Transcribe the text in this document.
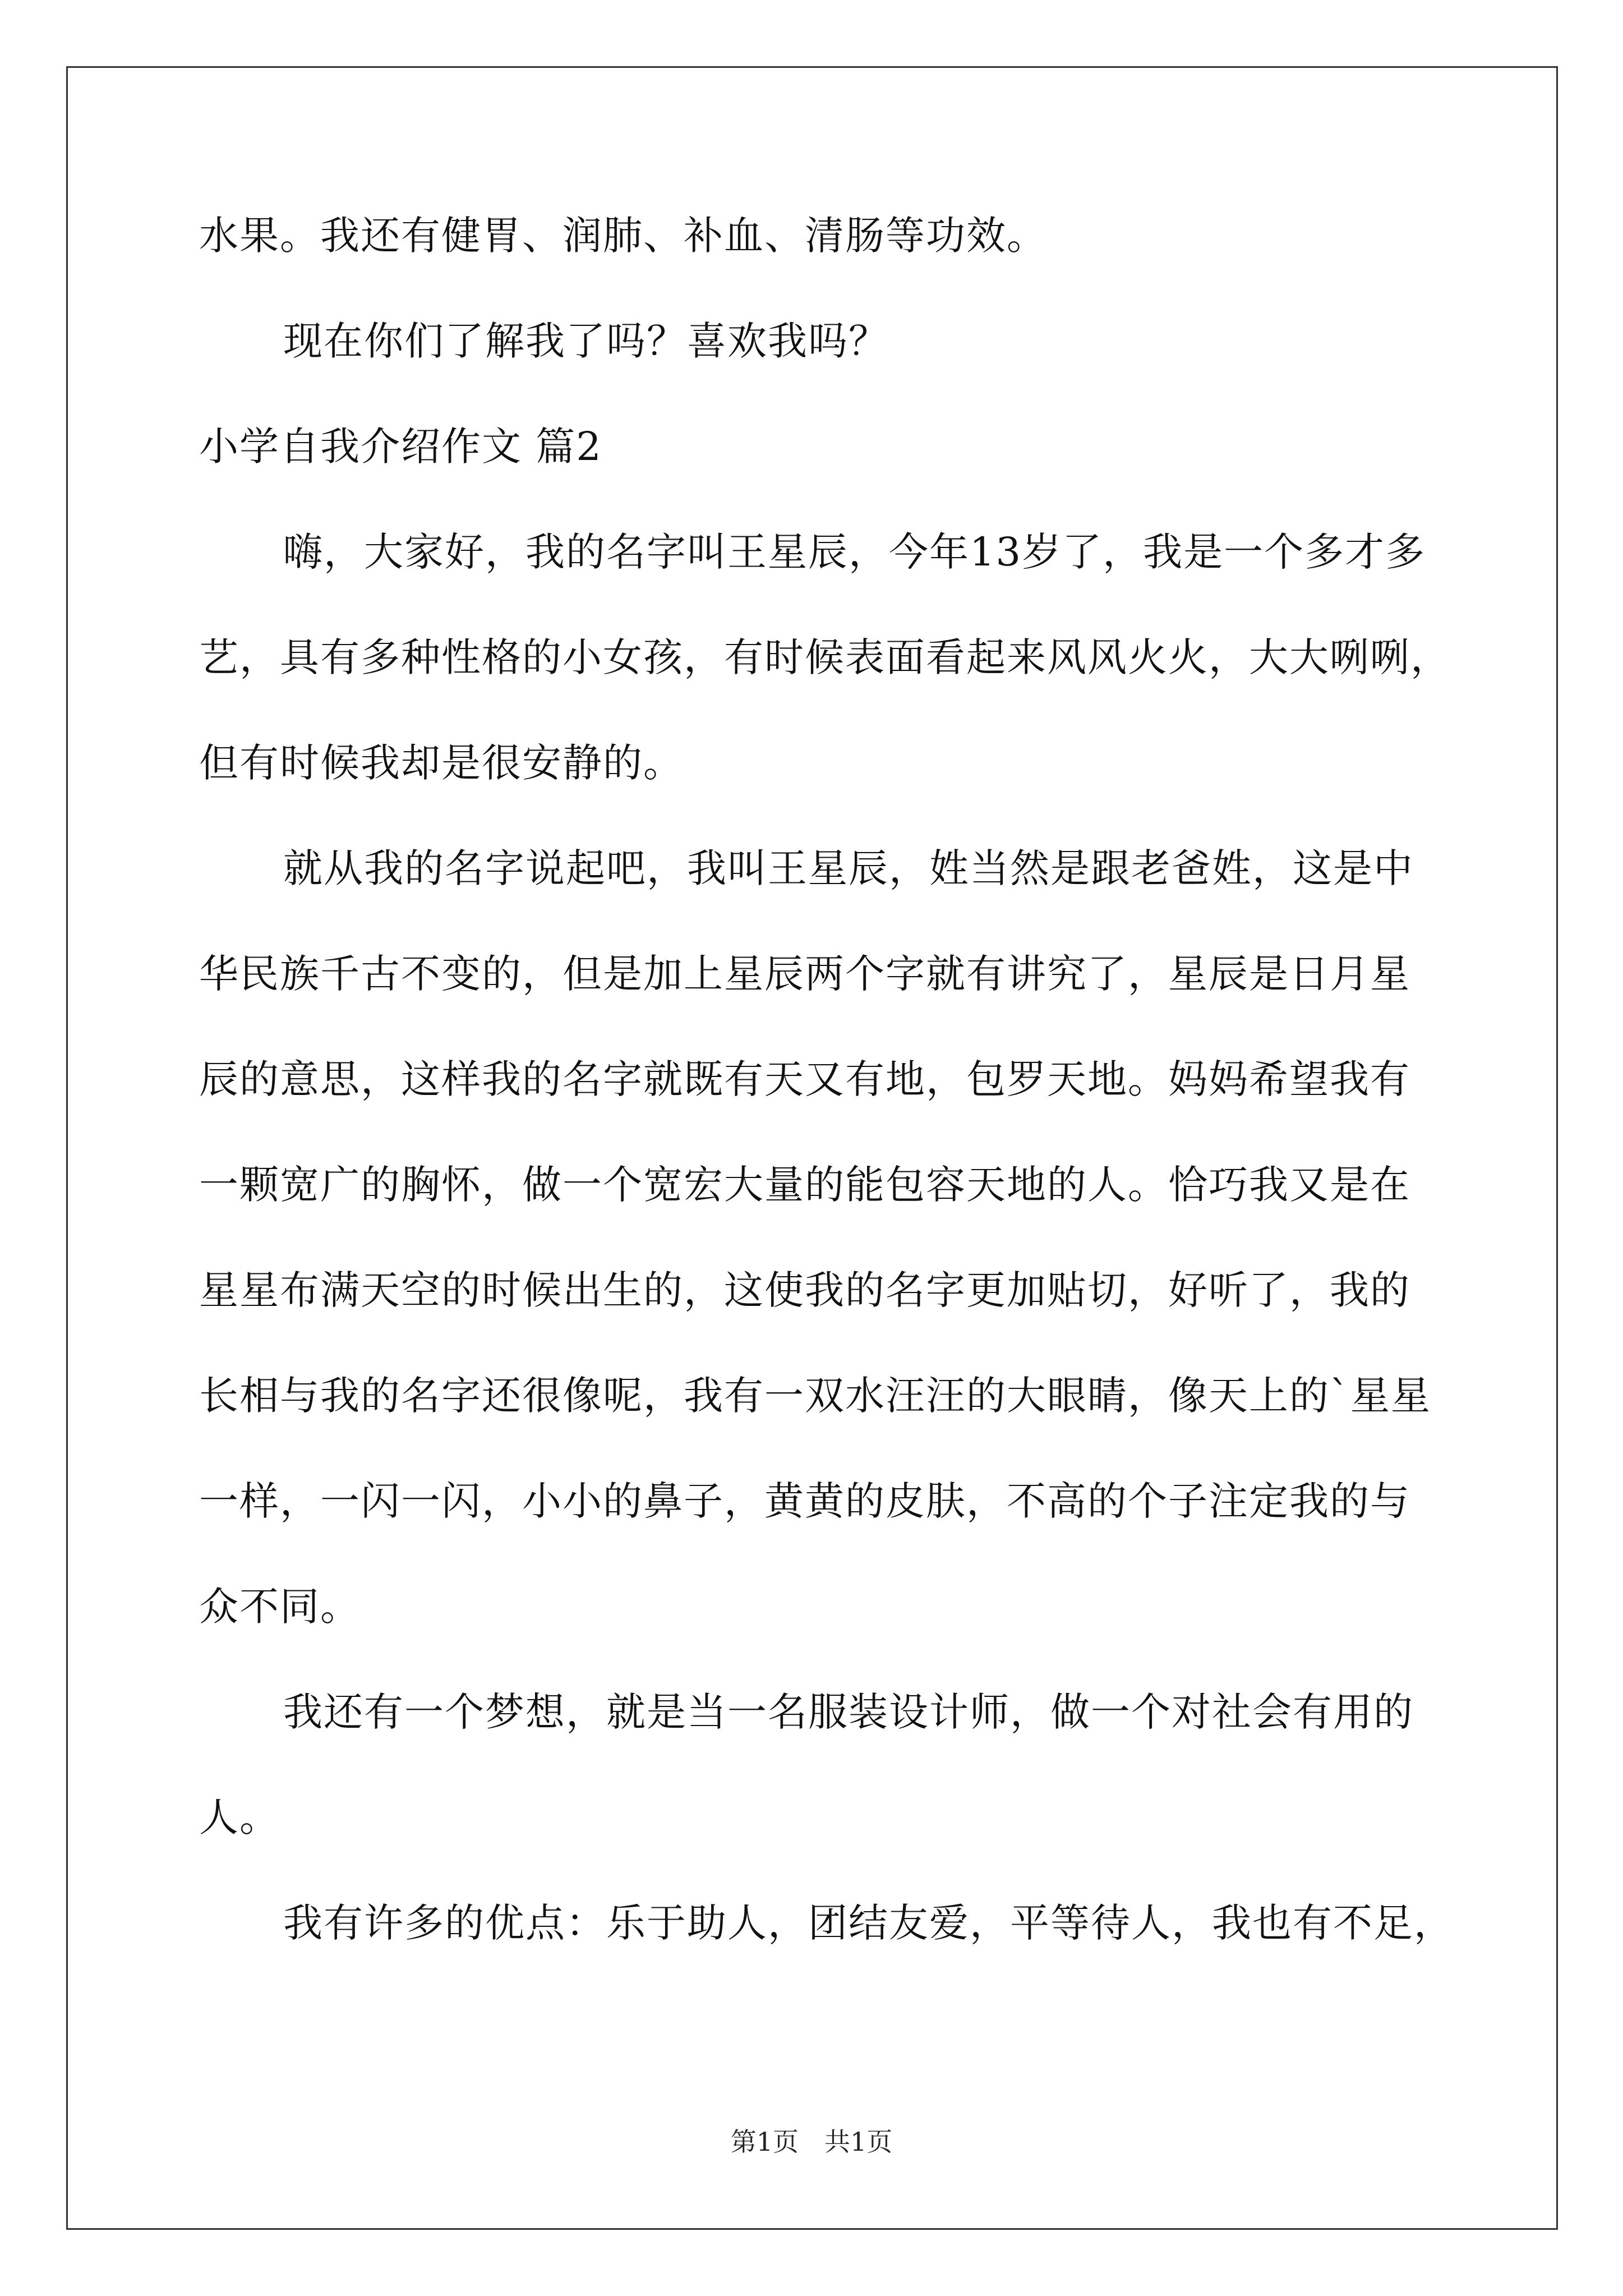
水果。我还有健胃、润肺、补血、清肠等功效。
现在你们了解我了吗？喜欢我吗？
小学自我介绍作文 篇2
嗨，大家好，我的名字叫王星辰，今年13岁了，我是一个多才多
艺，具有多种性格的小女孩，有时候表面看起来风风火火，大大咧咧，
但有时候我却是很安静的。
就从我的名字说起吧，我叫王星辰，姓当然是跟老爸姓，这是中
华民族千古不变的，但是加上星辰两个字就有讲究了，星辰是日月星
辰的意思，这样我的名字就既有天又有地，包罗天地。妈妈希望我有
一颗宽广的胸怀，做一个宽宏大量的能包容天地的人。恰巧我又是在
星星布满天空的时候出生的，这使我的名字更加贴切，好听了，我的
长相与我的名字还很像呢，我有一双水汪汪的大眼睛，像天上的`星星
一样，一闪一闪，小小的鼻子，黄黄的皮肤，不高的个子注定我的与
众不同。
我还有一个梦想，就是当一名服装设计师，做一个对社会有用的
人。
我有许多的优点：乐于助人，团结友爱，平等待人，我也有不足，
第1页　共1页
